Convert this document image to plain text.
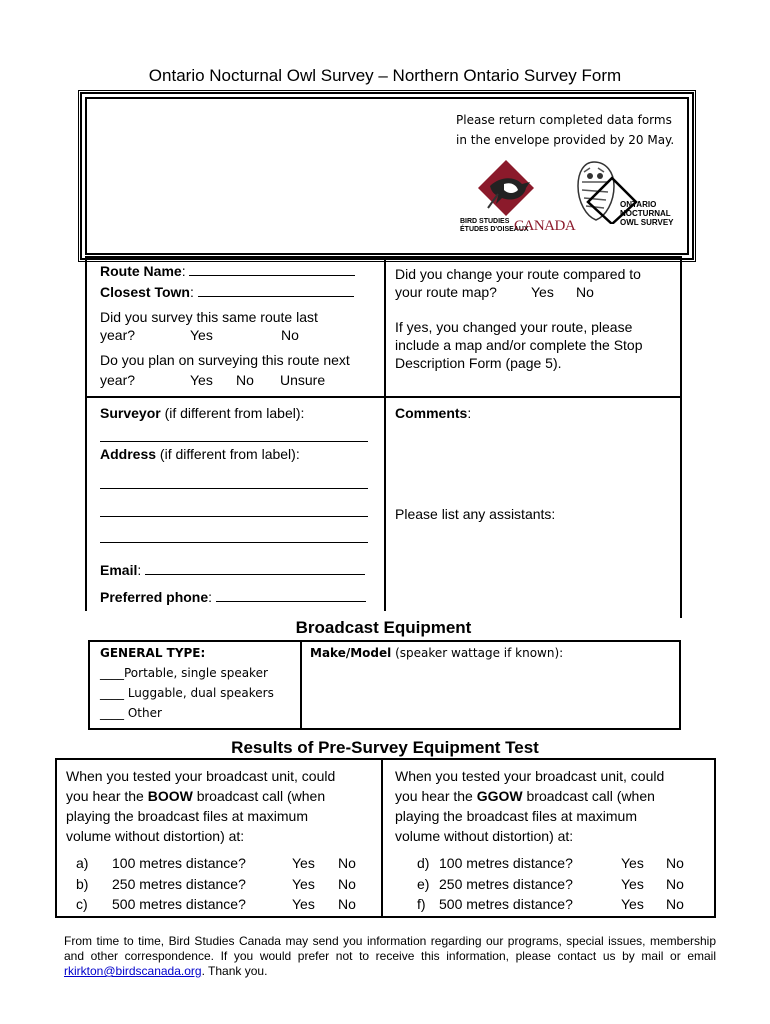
Ontario Nocturnal Owl Survey – Northern Ontario Survey Form
Please return completed data forms
in the envelope provided by 20 May.
BIRD STUDIES
ÉTUDES D'OISEAUX
CANADA
ONTARIO
NOCTURNAL
OWL SURVEY
Route Name:
Closest Town:
Did you survey this same route last
year?	Yes	No
Do you plan on surveying this route next
year?	Yes No Unsure
Did you change your route compared to
your route map? Yes No
If yes, you changed your route, please
include a map and/or complete the Stop
Description Form (page 5).
Surveyor (if different from label):
Address (if different from label):
Email:
Preferred phone:
Comments:
Please list any assistants:
Broadcast Equipment
GENERAL TYPE:
____Portable, single speaker
____ Luggable, dual speakers
____ Other
Make/Model (speaker wattage if known):
Results of Pre-Survey Equipment Test
When you tested your broadcast unit, could
you hear the BOOW broadcast call (when
playing the broadcast files at maximum
volume without distortion) at:
When you tested your broadcast unit, could
you hear the GGOW broadcast call (when
playing the broadcast files at maximum
volume without distortion) at:
a) 100 metres distance?	Yes No
b) 250 metres distance?	Yes No
c) 500 metres distance?	Yes No
d) 100 metres distance?	Yes No
e) 250 metres distance?	Yes No
f) 500 metres distance?	Yes No
From time to time, Bird Studies Canada may send you information regarding our programs, special issues, membership and other correspondence. If you would prefer not to receive this information, please contact us by mail or email rkirkton@birdscanada.org. Thank you.
